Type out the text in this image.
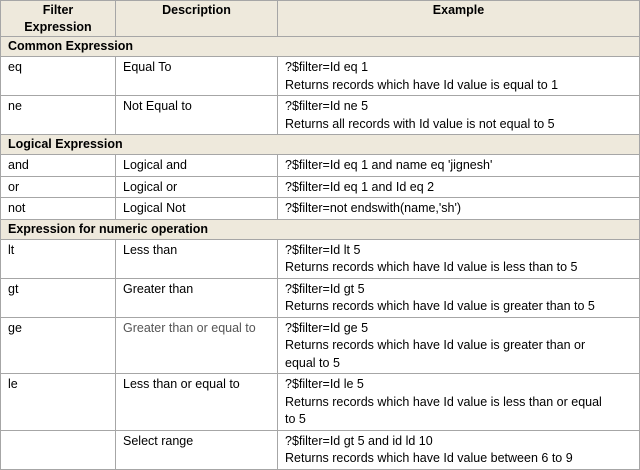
Filter
Expression	Description	Example
Common Expression		
eq	Equal To	?$filter=Id eq 1
Returns records which have Id value is equal to 1

ne	Not Equal to	?$filter=Id ne 5
Returns all records with Id value is not equal to 5

Logical Expression		
and	Logical and	?$filter=Id eq 1 and name eq 'jignesh'

or	Logical or	?$filter=Id eq 1 and Id eq 2

not	Logical Not	?$filter=not endswith(name,'sh')

Expression for numeric operation		
lt	Less than	?$filter=Id lt 5
Returns records which have Id value is less than to 5

gt	Greater than	?$filter=Id gt 5
Returns records which have Id value is greater than to 5

ge	Greater than or equal to	?$filter=Id ge 5
Returns records which have Id value is greater than or
equal to 5

le	Less than or equal to	?$filter=Id le 5
Returns records which have Id value is less than or equal
to 5

	Select range	?$filter=Id gt 5 and id ld 10
Returns records which have Id value between 6 to 9
